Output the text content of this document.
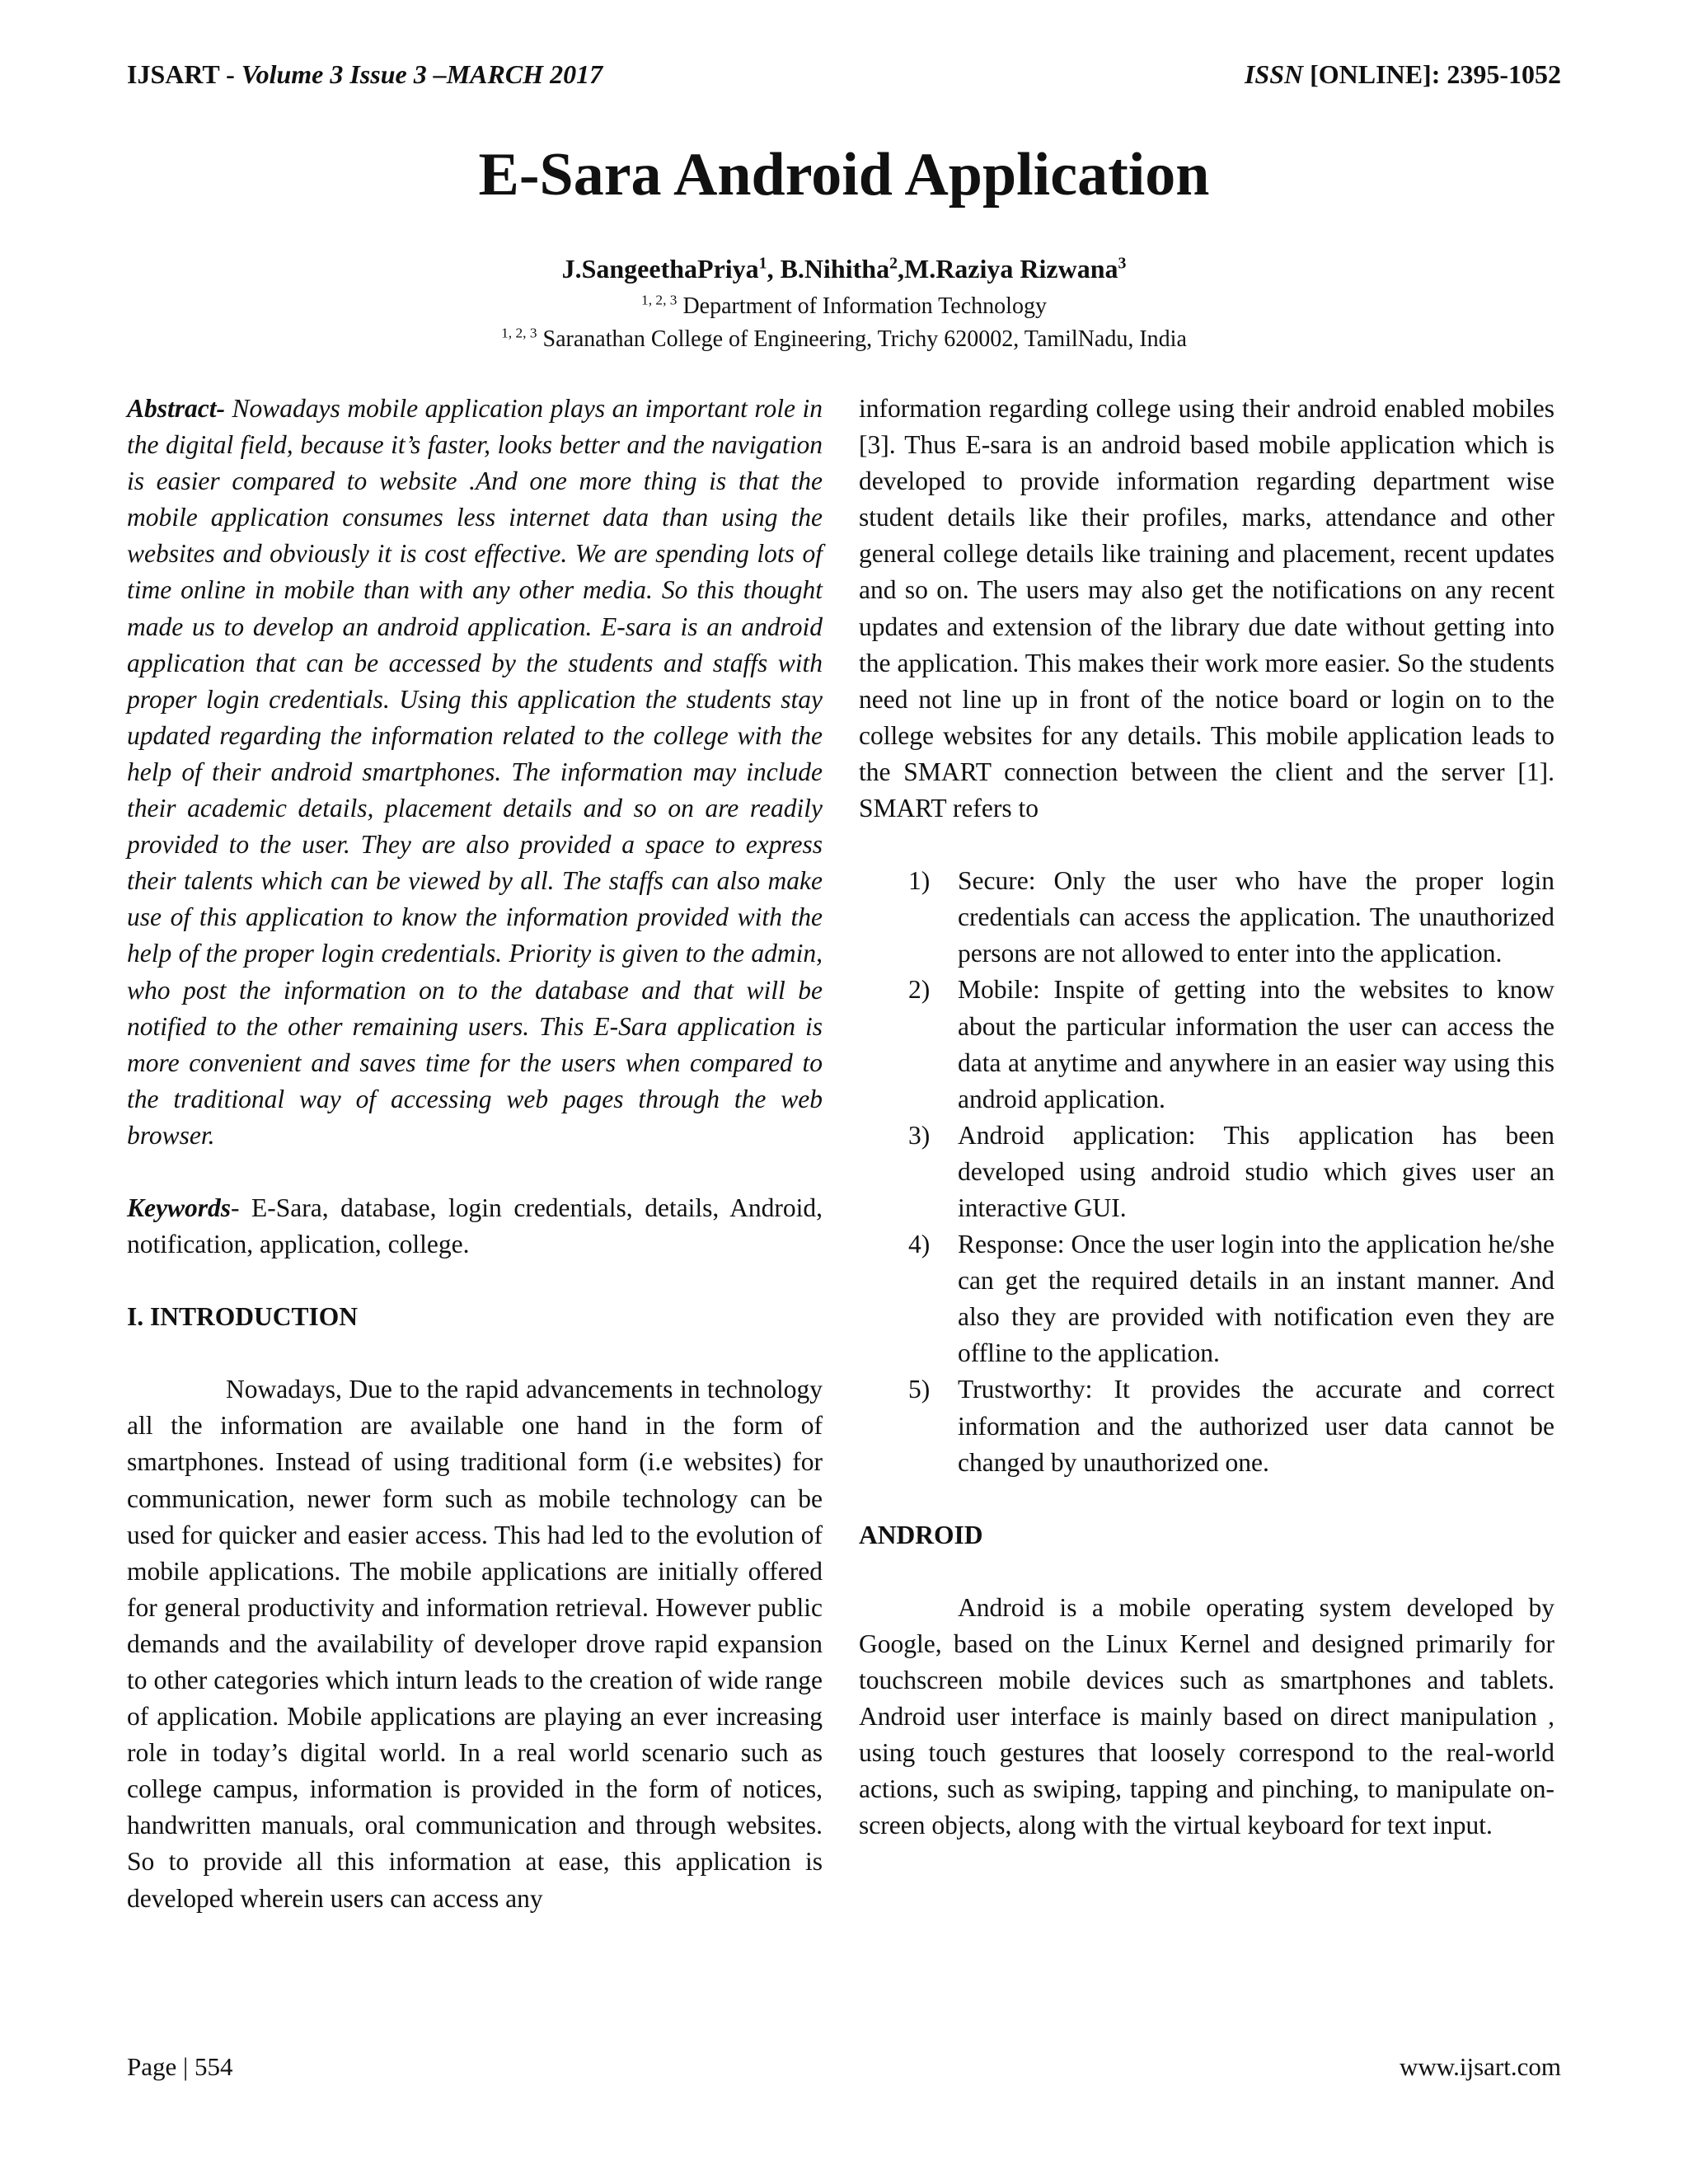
IJSART - Volume 3 Issue 3 –MARCH 2017	ISSN [ONLINE]: 2395-1052
E-Sara Android Application
J.SangeethaPriya$^1$, B.Nihitha$^2$,M.Raziya Rizwana$^3$
$^{1, 2, 3}$ Department of Information Technology
$^{1, 2, 3}$ Saranathan College of Engineering, Trichy 620002, TamilNadu, India

Abstract- Nowadays mobile application plays an important role in the digital field, because it’s faster, looks better and the navigation is easier compared to website .And one more thing is that the mobile application consumes less internet data than using the websites and obviously it is cost effective. We are spending lots of time online in mobile than with any other media. So this thought made us to develop an android application. E-sara is an android application that can be accessed by the students and staffs with proper login credentials. Using this application the students stay updated regarding the information related to the college with the help of their android smartphones. The information may include their academic details, placement details and so on are readily provided to the user. They are also provided a space to express their talents which can be viewed by all. The staffs can also make use of this application to know the information provided with the help of the proper login credentials. Priority is given to the admin, who post the information on to the database and that will be notified to the other remaining users. This E-Sara application is more convenient and saves time for the users when compared to the traditional way of accessing web pages through the web browser.

Keywords- E-Sara, database, login credentials, details, Android, notification, application, college.

I. INTRODUCTION

Nowadays, Due to the rapid advancements in technology all the information are available one hand in the form of smartphones. Instead of using traditional form (i.e websites) for communication, newer form such as mobile technology can be used for quicker and easier access. This had led to the evolution of mobile applications. The mobile applications are initially offered for general productivity and information retrieval. However public demands and the availability of developer drove rapid expansion to other categories which inturn leads to the creation of wide range of application. Mobile applications are playing an ever increasing role in today’s digital world. In a real world scenario such as college campus, information is provided in the form of notices, handwritten manuals, oral communication and through websites. So to provide all this information at ease, this application is developed wherein users can access any

information regarding college using their android enabled mobiles [3]. Thus E-sara is an android based mobile application which is developed to provide information regarding department wise student details like their profiles, marks, attendance and other general college details like training and placement, recent updates and so on. The users may also get the notifications on any recent updates and extension of the library due date without getting into the application. This makes their work more easier. So the students need not line up in front of the notice board or login on to the college websites for any details. This mobile application leads to the SMART connection between the client and the server [1]. SMART refers to

1) Secure: Only the user who have the proper login credentials can access the application. The unauthorized persons are not allowed to enter into the application.
2) Mobile: Inspite of getting into the websites to know about the particular information the user can access the data at anytime and anywhere in an easier way using this android application.
3) Android application: This application has been developed using android studio which gives user an interactive GUI.
4) Response: Once the user login into the application he/she can get the required details in an instant manner. And also they are provided with notification even they are offline to the application.
5) Trustworthy: It provides the accurate and correct information and the authorized user data cannot be changed by unauthorized one.

ANDROID

Android is a mobile operating system developed by Google, based on the Linux Kernel and designed primarily for touchscreen mobile devices such as smartphones and tablets. Android user interface is mainly based on direct manipulation , using touch gestures that loosely correspond to the real-world actions, such as swiping, tapping and pinching, to manipulate on-screen objects, along with the virtual keyboard for text input.

Page | 554	www.ijsart.com
